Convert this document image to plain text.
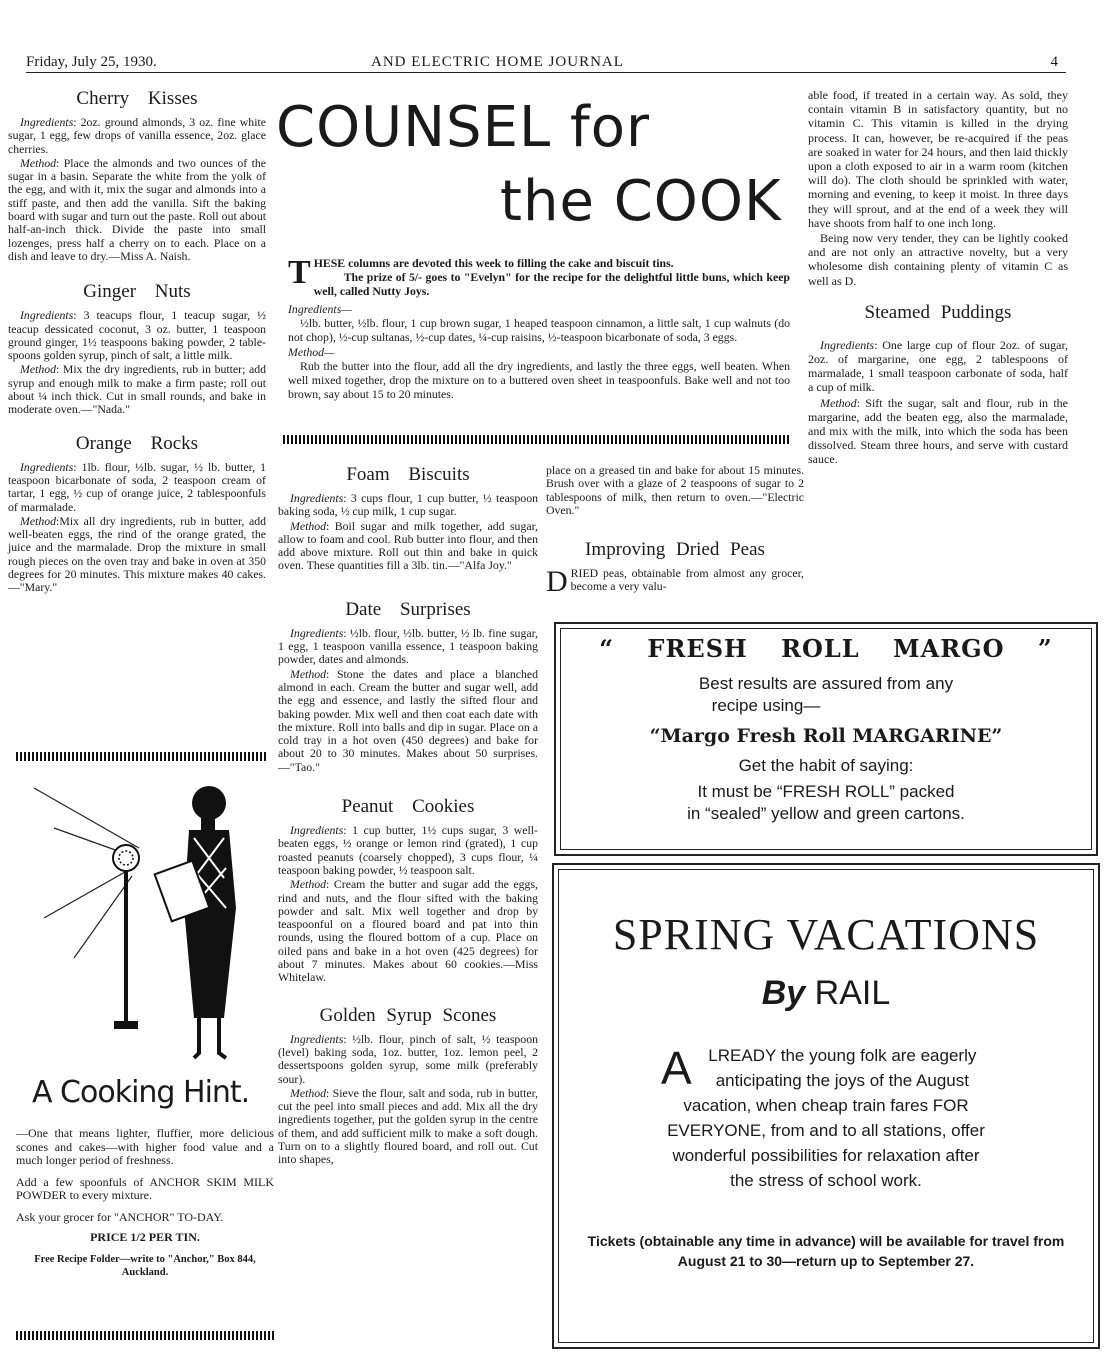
Friday, July 25, 1930.	AND ELECTRIC HOME JOURNAL	4
Cherry Kisses

Ingredients: 2oz. ground almonds, 3 oz. fine white sugar, 1 egg, few drops of vanilla essence, 2oz. glace cherries.

Method: Place the almonds and two ounces of the sugar in a basin. Separate the white from the yolk of the egg, and with it, mix the sugar and almonds into a stiff paste, and then add the vanilla. Sift the baking board with sugar and turn out the paste. Roll out about half-an-inch thick. Divide the paste into small lozenges, press half a cherry on to each. Place on a dish and leave to dry.—Miss A. Naish.

Ginger Nuts

Ingredients: 3 teacups flour, 1 teacup sugar, ½ teacup dessicated coconut, 3 oz. butter, 1 teaspoon ground ginger, 1½ teaspoons baking powder, 2 table-spoons golden syrup, pinch of salt, a little milk.

Method: Mix the dry ingredients, rub in butter; add syrup and enough milk to make a firm paste; roll out about ¼ inch thick. Cut in small rounds, and bake in moderate oven.—"Nada."

Orange Rocks

Ingredients: 1lb. flour, ½lb. sugar, ½ lb. butter, 1 teaspoon bicarbonate of soda, 2 teaspoon cream of tartar, 1 egg, ½ cup of orange juice, 2 tablespoonfuls of marmalade.

Method:Mix all dry ingredients, rub in butter, add well-beaten eggs, the rind of the orange grated, the juice and the marmalade. Drop the mixture in small rough pieces on the oven tray and bake in oven at 350 degrees for 20 minutes. This mixture makes 40 cakes.—"Mary."

A Cooking Hint.

—One that means lighter, fluffier, more delicious scones and cakes—with higher food value and a much longer period of freshness.

Add a few spoonfuls of ANCHOR SKIM MILK POWDER to every mixture.

Ask your grocer for "ANCHOR" TO-DAY.

PRICE 1/2 PER TIN.
Free Recipe Folder—write to "Anchor," Box 844, Auckland.
COUNSEL for
the COOK
THESE columns are devoted this week to filling the cake and biscuit tins.
The prize of 5/- goes to "Evelyn" for the recipe for the delightful little buns, which keep well, called Nutty Joys.
Ingredients—

½lb. butter, ½lb. flour, 1 cup brown sugar, 1 heaped teaspoon cinnamon, a little salt, 1 cup walnuts (do not chop), ½-cup sultanas, ½-cup dates, ¼-cup raisins, ½-teaspoon bicarbonate of soda, 3 eggs.

Method—

Rub the butter into the flour, add all the dry ingredients, and lastly the three eggs, well beaten. When well mixed together, drop the mixture on to a buttered oven sheet in teaspoonfuls. Bake well and not too brown, say about 15 to 20 minutes.

Foam Biscuits

Ingredients: 3 cups flour, 1 cup butter, ½ teaspoon baking soda, ½ cup milk, 1 cup sugar.

Method: Boil sugar and milk together, add sugar, allow to foam and cool. Rub butter into flour, and then add above mixture. Roll out thin and bake in quick oven. These quantities fill a 3lb. tin.—"Alfa Joy."

Date Surprises

Ingredients: ½lb. flour, ½lb. butter, ½ lb. fine sugar, 1 egg, 1 teaspoon vanilla essence, 1 teaspoon baking powder, dates and almonds.

Method: Stone the dates and place a blanched almond in each. Cream the butter and sugar well, add the egg and essence, and lastly the sifted flour and baking powder. Mix well and then coat each date with the mixture. Roll into balls and dip in sugar. Place on a cold tray in a hot oven (450 degrees) and bake for about 20 to 30 minutes. Makes about 50 surprises.—"Tao."

Peanut Cookies

Ingredients: 1 cup butter, 1½ cups sugar, 3 well-beaten eggs, ½ orange or lemon rind (grated), 1 cup roasted peanuts (coarsely chopped), 3 cups flour, ¼ teaspoon baking powder, ½ teaspoon salt.

Method: Cream the butter and sugar add the eggs, rind and nuts, and the flour sifted with the baking powder and salt. Mix well together and drop by teaspoonful on a floured board and pat into thin rounds, using the floured bottom of a cup. Place on oiled pans and bake in a hot oven (425 degrees) for about 7 minutes. Makes about 60 cookies.—Miss Whitelaw.

Golden Syrup Scones

Ingredients: ½lb. flour, pinch of salt, ½ teaspoon (level) baking soda, 1oz. butter, 1oz. lemon peel, 2 dessertspoons golden syrup, some milk (preferably sour).

Method: Sieve the flour, salt and soda, rub in butter, cut the peel into small pieces and add. Mix all the dry ingredients together, put the golden syrup in the centre of them, and add sufficient milk to make a soft dough. Turn on to a slightly floured board, and roll out. Cut into shapes,

place on a greased tin and bake for about 15 minutes. Brush over with a glaze of 2 teaspoons of sugar to 2 tablespoons of milk, then return to oven.—"Electric Oven."

Improving Dried Peas

DRIED peas, obtainable from almost any grocer, become a very valu-

able food, if treated in a certain way. As sold, they contain vitamin B in satisfactory quantity, but no vitamin C. This vitamin is killed in the drying process. It can, however, be re-acquired if the peas are soaked in water for 24 hours, and then laid thickly upon a cloth exposed to air in a warm room (kitchen will do). The cloth should be sprinkled with water, morning and evening, to keep it moist. In three days they will sprout, and at the end of a week they will have shoots from half to one inch long.

Being now very tender, they can be lightly cooked and are not only an attractive novelty, but a very wholesome dish containing plenty of vitamin C as well as D.

Steamed Puddings

Ingredients: One large cup of flour 2oz. of sugar, 2oz. of margarine, one egg, 2 tablespoons of marmalade, 1 small teaspoon carbonate of soda, half a cup of milk.

Method: Sift the sugar, salt and flour, rub in the margarine, add the beaten egg, also the marmalade, and mix with the milk, into which the soda has been dissolved. Steam three hours, and serve with custard sauce.

“ FRESH ROLL MARGO ”
Best results are assured from any
recipe using—
“Margo Fresh Roll MARGARINE”
Get the habit of saying:
It must be “FRESH ROLL” packed
in “sealed” yellow and green cartons.
SPRING VACATIONS
By RAIL
ALREADY the young folk are eagerly anticipating the joys of the August vacation, when cheap train fares FOR EVERYONE, from and to all stations, offer wonderful possibilities for relaxation after the stress of school work.
Tickets (obtainable any time in advance) will be available for travel from August 21 to 30—return up to September 27.
